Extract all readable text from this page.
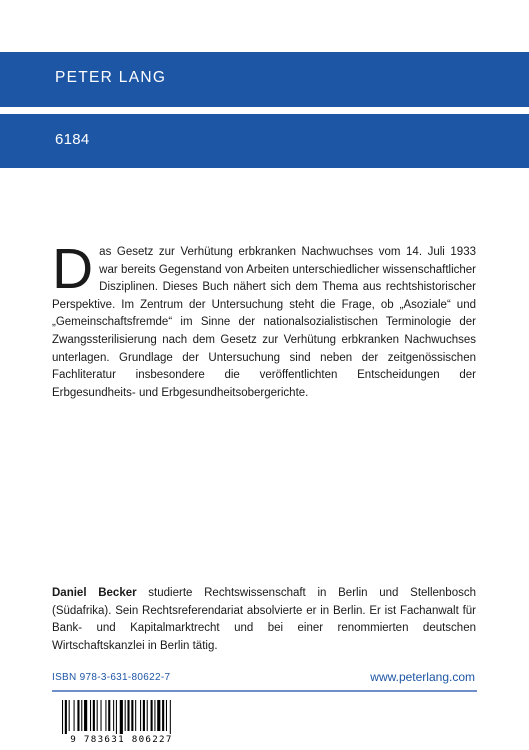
PETER LANG
6184

Das Gesetz zur Verhütung erbkranken Nachwuchses vom 14. Juli 1933 war bereits Gegenstand von Arbeiten unterschiedlicher wissenschaftlicher Disziplinen. Dieses Buch nähert sich dem Thema aus rechtshistorischer Perspektive. Im Zentrum der Untersuchung steht die Frage, ob „Asoziale“ und „Gemeinschaftsfremde“ im Sinne der nationalsozialistischen Terminologie der Zwangssterilisierung nach dem Gesetz zur Verhütung erbkranken Nachwuchses unterlagen. Grundlage der Untersuchung sind neben der zeitgenössischen Fachliteratur insbesondere die veröffentlichten Entscheidungen der Erbgesundheits- und Erbgesundheitsobergerichte.

Daniel Becker studierte Rechtswissenschaft in Berlin und Stellenbosch (Südafrika). Sein Rechtsreferendariat absolvierte er in Berlin. Er ist Fachanwalt für Bank- und Kapitalmarktrecht und bei einer renommierten deutschen Wirtschaftskanzlei in Berlin tätig.

ISBN 978-3-631-80622-7	www.peterlang.com
9 783631 806227
